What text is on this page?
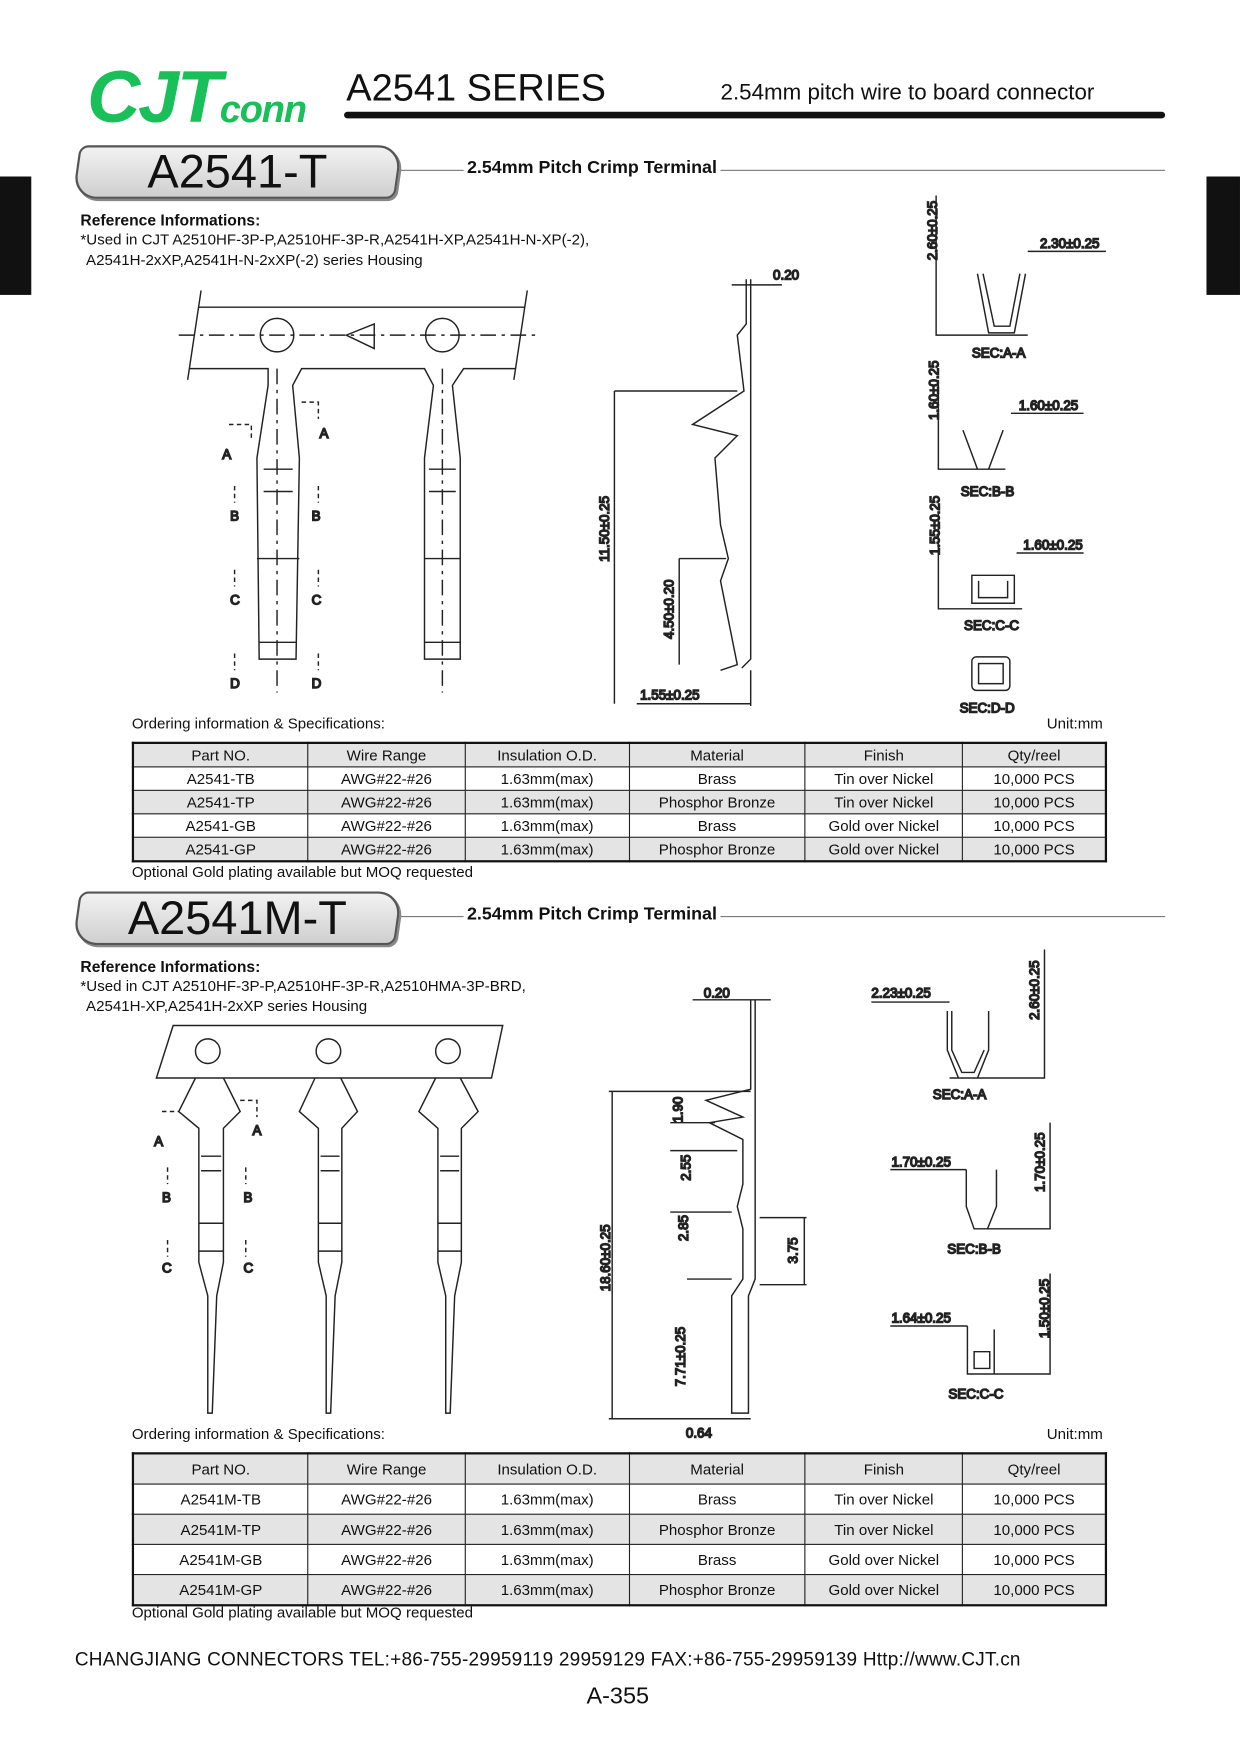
CJTconn A2541 SERIES	2.54mm pitch wire to board connector
A2541-T	2.54mm Pitch Crimp Terminal
Reference Informations:
*Used in CJT A2510HF-3P-P,A2510HF-3P-R,A2541H-XP,A2541H-N-XP(-2),
A2541H-2xXP,A2541H-N-2xXP(-2) series Housing
Ordering information & Specifications:	Unit:mm
Part NO.	Wire Range	Insulation O.D.	Material	Finish	Qty/reel
A2541-TB	AWG#22-#26	1.63mm(max)	Brass	Tin over Nickel	10,000 PCS
A2541-TP	AWG#22-#26	1.63mm(max)	Phosphor Bronze	Tin over Nickel	10,000 PCS
A2541-GB	AWG#22-#26	1.63mm(max)	Brass	Gold over Nickel	10,000 PCS
A2541-GP	AWG#22-#26	1.63mm(max)	Phosphor Bronze	Gold over Nickel	10,000 PCS
Optional Gold plating available but MOQ requested
A2541M-T	2.54mm Pitch Crimp Terminal
Reference Informations:
*Used in CJT A2510HF-3P-P,A2510HF-3P-R,A2510HMA-3P-BRD,
A2541H-XP,A2541H-2xXP series Housing
Ordering information & Specifications:	Unit:mm
Part NO.	Wire Range	Insulation O.D.	Material	Finish	Qty/reel
A2541M-TB	AWG#22-#26	1.63mm(max)	Brass	Tin over Nickel	10,000 PCS
A2541M-TP	AWG#22-#26	1.63mm(max)	Phosphor Bronze	Tin over Nickel	10,000 PCS
A2541M-GB	AWG#22-#26	1.63mm(max)	Brass	Gold over Nickel	10,000 PCS
A2541M-GP	AWG#22-#26	1.63mm(max)	Phosphor Bronze	Gold over Nickel	10,000 PCS
Optional Gold plating available but MOQ requested
CHANGJIANG CONNECTORS TEL:+86-755-29959119 29959129 FAX:+86-755-29959139 Http://www.CJT.cn
A-355
A
A
B	B
C	C
D	D
0.20
11.50±0.25
4.50±0.20
1.55±0.25
2.60±0.25	2.30±0.25
SEC:A-A
1.60±0.25	1.60±0.25
SEC:B-B
1.55±0.25	1.60±0.25
SEC:C-C
SEC:D-D
A
A
B	B
C	C
0.20
18.60±0.25
1.90
2.55
2.85
3.75
7.71±0.25
0.64
2.23±0.25	2.60±0.25
SEC:A-A
1.70±0.25	1.70±0.25
SEC:B-B
1.64±0.25	1.50±0.25
SEC:C-C
